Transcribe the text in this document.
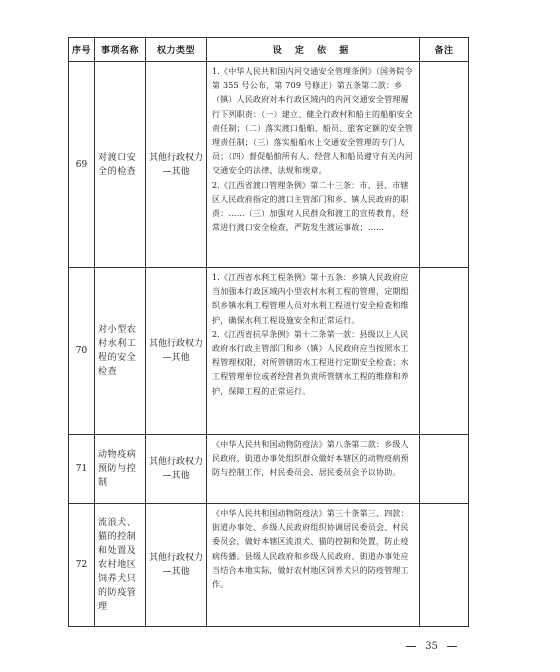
序号	事项名称	权力类型	设 定 依 据	备注
69	对渡口安全的检查	其他行政权力—其他	1.《中华人民共和国内河交通安全管理条例》（国务院令第 355 号公布，第 709 号修正）第五条第二款：乡（镇）人民政府对本行政区域内的内河交通安全管理履行下列职责：（一）建立、健全行政村和船主的船舶安全责任制；（二）落实渡口船舶、船员、旅客定额的安全管理责任制；（三）落实船舶水上交通安全管理的专门人员；（四）督促船舶所有人、经营人和船员遵守有关内河交通安全的法律、法规和规章。

2.《江西省渡口管理条例》第二十三条：市、县、市辖区人民政府指定的渡口主管部门和乡、镇人民政府的职责：……（三）加强对人民群众和渡工的宣传教育，经常进行渡口安全检查，严防发生渡运事故；……	

70	对小型农村水利工程的安全检查	其他行政权力—其他	1.《江西省水利工程条例》第十五条：乡镇人民政府应当加强本行政区域内小型农村水利工程的管理，定期组织乡镇水利工程管理人员对水利工程进行安全检查和维护，确保水利工程设施安全和正常运行。

2.《江西省抗旱条例》第十二条第一款：县级以上人民政府水行政主管部门和乡（镇）人民政府应当按照水工程管理权限，对所管辖的水工程进行定期安全检查；水工程管理单位或者经营者负责所管辖水工程的维修和养护，保障工程的正常运行。	

71	动物疫病预防与控制	其他行政权力—其他	《中华人民共和国动物防疫法》第八条第二款：乡级人民政府、街道办事处组织群众做好本辖区的动物疫病预防与控制工作，村民委员会、居民委员会予以协助。	

72	流浪犬、猫的控制和处置及农村地区饲养犬只的防疫管理	其他行政权力—其他	《中华人民共和国动物防疫法》第三十条第三、四款：街道办事处、乡级人民政府组织协调居民委员会、村民委员会，做好本辖区流浪犬、猫的控制和处置，防止疫病传播。县级人民政府和乡级人民政府、街道办事处应当结合本地实际，做好农村地区饲养犬只的防疫管理工作。	

35
